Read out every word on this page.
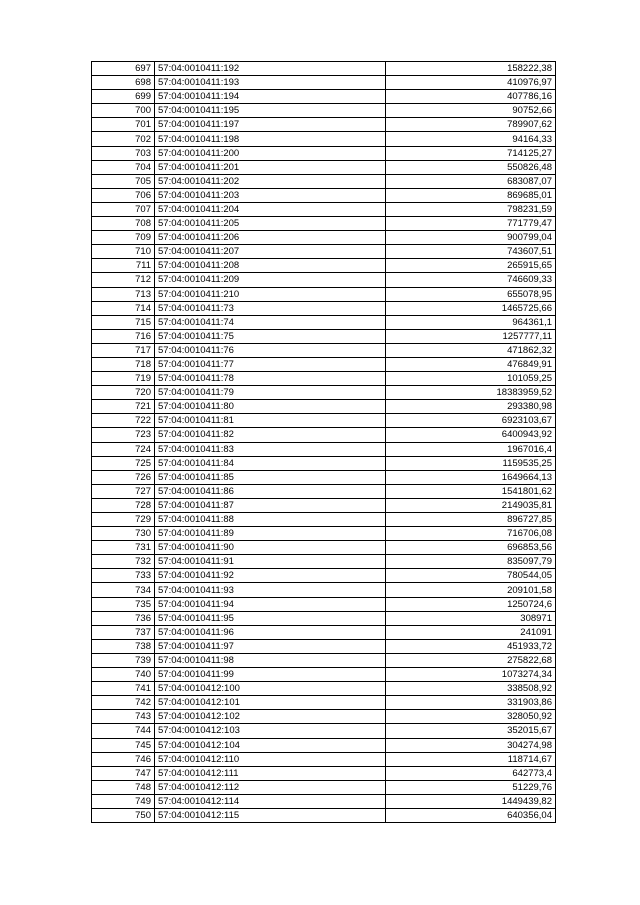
697	57:04:0010411:192	158222,38
698	57:04:0010411:193	410976,97
699	57:04:0010411:194	407786,16
700	57:04:0010411:195	90752,66
701	57:04:0010411:197	789907,62
702	57:04:0010411:198	94164,33
703	57:04:0010411:200	714125,27
704	57:04:0010411:201	550826,48
705	57:04:0010411:202	683087,07
706	57:04:0010411:203	869685,01
707	57:04:0010411:204	798231,59
708	57:04:0010411:205	771779,47
709	57:04:0010411:206	900799,04
710	57:04:0010411:207	743607,51
711	57:04:0010411:208	265915,65
712	57:04:0010411:209	746609,33
713	57:04:0010411:210	655078,95
714	57:04:0010411:73	1465725,66
715	57:04:0010411:74	964361,1
716	57:04:0010411:75	1257777,11
717	57:04:0010411:76	471862,32
718	57:04:0010411:77	476849,91
719	57:04:0010411:78	101059,25
720	57:04:0010411:79	18383959,52
721	57:04:0010411:80	293380,98
722	57:04:0010411:81	6923103,67
723	57:04:0010411:82	6400943,92
724	57:04:0010411:83	1967016,4
725	57:04:0010411:84	1159535,25
726	57:04:0010411:85	1649664,13
727	57:04:0010411:86	1541801,62
728	57:04:0010411:87	2149035,81
729	57:04:0010411:88	896727,85
730	57:04:0010411:89	716706,08
731	57:04:0010411:90	696853,56
732	57:04:0010411:91	835097,79
733	57:04:0010411:92	780544,05
734	57:04:0010411:93	209101,58
735	57:04:0010411:94	1250724,6
736	57:04:0010411:95	308971
737	57:04:0010411:96	241091
738	57:04:0010411:97	451933,72
739	57:04:0010411:98	275822,68
740	57:04:0010411:99	1073274,34
741	57:04:0010412:100	338508,92
742	57:04:0010412:101	331903,86
743	57:04:0010412:102	328050,92
744	57:04:0010412:103	352015,67
745	57:04:0010412:104	304274,98
746	57:04:0010412:110	118714,67
747	57:04:0010412:111	642773,4
748	57:04:0010412:112	51229,76
749	57:04:0010412:114	1449439,82
750	57:04:0010412:115	640356,04
